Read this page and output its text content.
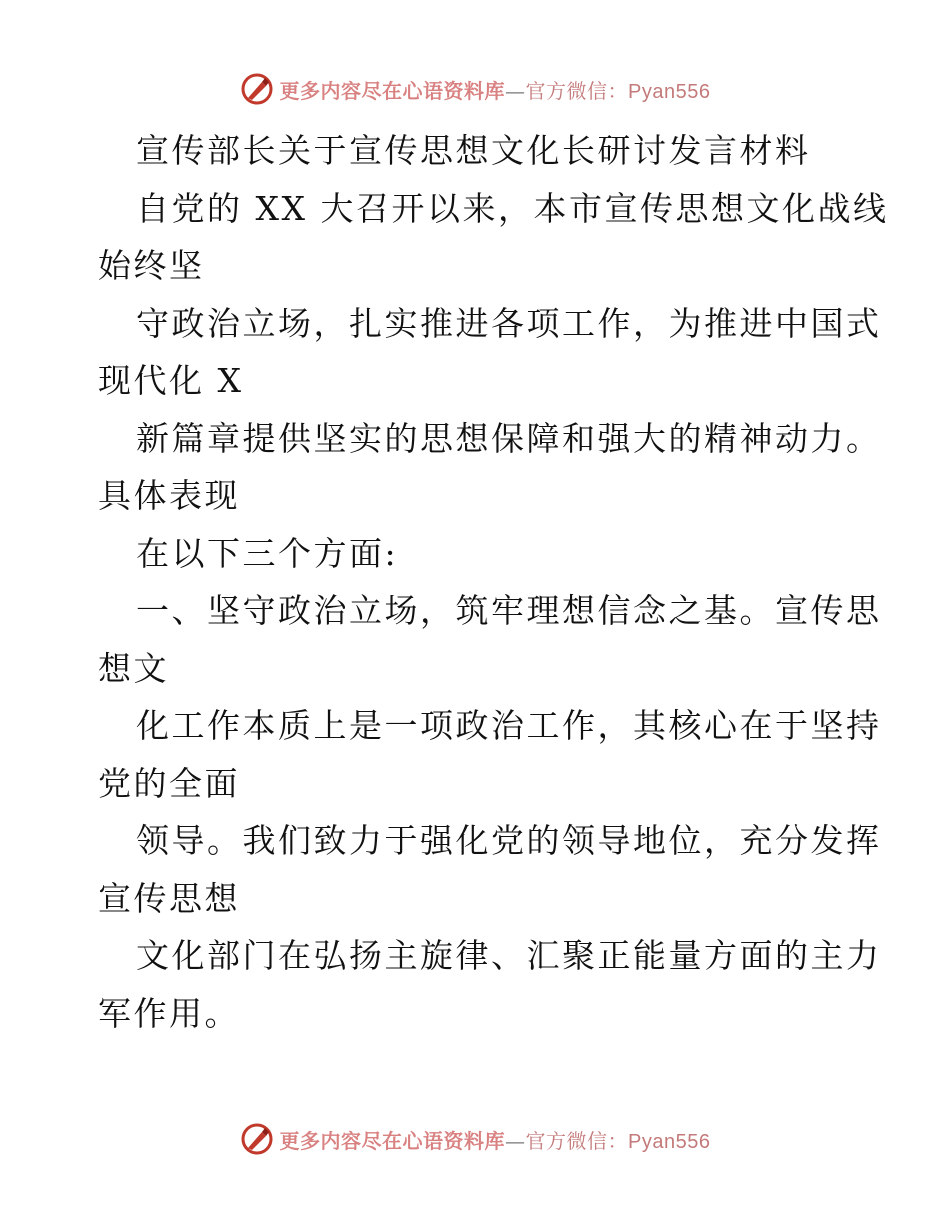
更多内容尽在心语资料库—官方微信：Pyan556
宣传部长关于宣传思想文化长研讨发言材料
自党的 XX 大召开以来，本市宣传思想文化战线
始终坚
守政治立场，扎实推进各项工作，为推进中国式
现代化 X
新篇章提供坚实的思想保障和强大的精神动力。
具体表现
在以下三个方面:
一、坚守政治立场，筑牢理想信念之基。宣传思
想文
化工作本质上是一项政治工作，其核心在于坚持
党的全面
领导。我们致力于强化党的领导地位，充分发挥
宣传思想
文化部门在弘扬主旋律、汇聚正能量方面的主力
军作用。
更多内容尽在心语资料库—官方微信：Pyan556
